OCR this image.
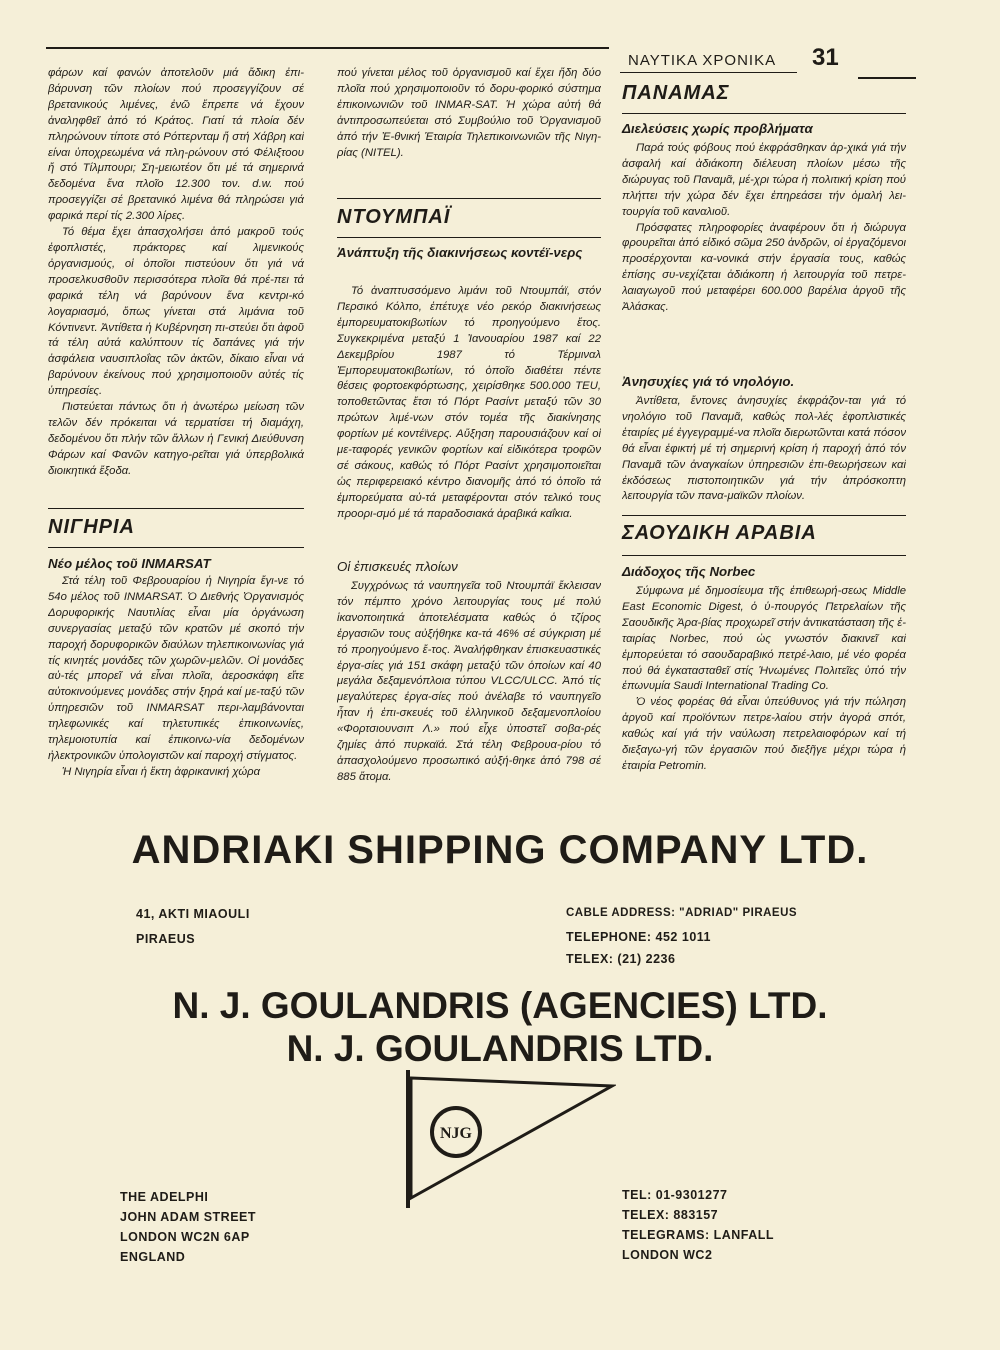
ΝΑΥΤΙΚΑ ΧΡΟΝΙΚΑ	31

φάρων καί φανών ἀποτελοῦν μιά ἄδικη ἐπι-βάρυνση τῶν πλοίων πού προσεγγίζουν σέ βρετανικούς λιμένες, ἐνῶ ἔπρεπε νά ἔχουν ἀναληφθεῖ ἀπό τό Κράτος. Γιατί τά πλοία δέν πληρώνουν τίποτε στό Ρόττερνταμ ἤ στή Χάβρη καί είναι ὑποχρεωμένα νά πλη-ρώνουν στό Φέλιξτοου ἤ στό Τίλμπουρι; Ση-μειωτέον ὅτι μέ τά σημερινά δεδομένα ἕνα πλοῖο 12.300 τον. d.w. πού προσεγγίζει σέ βρετανικό λιμένα θά πληρώσει γιά φαρικά περί τίς 2.300 λίρες.

Τό θέμα ἔχει ἀπασχολήσει ἀπό μακροῦ τούς ἐφοπλιστές, πράκτορες καί λιμενικούς ὀργανισμούς, οἱ ὁποῖοι πιστεύουν ὅτι γιά νά προσελκυσθοῦν περισσότερα πλοῖα θά πρέ-πει τά φαρικά τέλη νά βαρύνουν ἕνα κεντρι-κό λογαριασμό, ὅπως γίνεται στά λιμάνια τοῦ Κόντινεντ. Ἀντίθετα ἡ Κυβέρνηση πι-στεύει ὅτι ἀφοῦ τά τέλη αὐτά καλύπτουν τίς δαπάνες γιά τήν ἀσφάλεια ναυσιπλοΐας τῶν ἀκτῶν, δίκαιο εἶναι νά βαρύνουν ἐκείνους πού χρησιμοποιοῦν αὐτές τίς ὑπηρεσίες.

Πιστεύεται πάντως ὅτι ἡ ἀνωτέρω μείωση τῶν τελῶν δέν πρόκειται νά τερματίσει τή διαμάχη, δεδομένου ὅτι πλήν τῶν ἄλλων ἡ Γενική Διεύθυνση Φάρων καί Φανῶν κατηγο-ρεῖται γιά ὑπερβολικά διοικητικά ἔξοδα.

ΝΙΓΗΡΙΑ
Νέο μέλος τοῦ INMARSAT

Στά τέλη τοῦ Φεβρουαρίου ἡ Νιγηρία ἔγι-νε τό 54ο μέλος τοῦ INMARSAT. Ὁ Διεθνής Ὀργανισμός Δορυφορικής Ναυτιλίας εἶναι μία ὀργάνωση συνεργασίας μεταξύ τῶν κρατῶν μέ σκοπό τήν παροχή δορυφορικῶν διαύλων τηλεπικοινωνίας γιά τίς κινητές μονάδες τῶν χωρῶν-μελῶν. Οἱ μονάδες αὐ-τές μπορεῖ νά εἶναι πλοῖα, ἀεροσκάφη εἴτε αὐτοκινούμενες μονάδες στήν ξηρά καί με-ταξύ τῶν ὑπηρεσιῶν τοῦ INMARSAT περι-λαμβάνονται τηλεφωνικές καί τηλετυπικές ἐπικοινωνίες, τηλεμοιοτυπία καί ἐπικοινω-νία δεδομένων ἠλεκτρονικῶν ὑπολογιστῶν καί παροχή στίγματος.

Ἡ Νιγηρία εἶναι ἡ ἕκτη ἀφρικανική χώρα

πού γίνεται μέλος τοῦ ὀργανισμοῦ καί ἔχει ἤδη δύο πλοῖα πού χρησιμοποιοῦν τό δορυ-φορικό σύστημα ἐπικοινωνιῶν τοῦ INMAR-SAT. Ἡ χώρα αὐτή θά ἀντιπροσωπεύεται στό Συμβούλιο τοῦ Ὀργανισμοῦ ἀπό τήν Ἐ-θνική Ἑταιρία Τηλεπικοινωνιῶν τῆς Νιγη-ρίας (NITEL).

ΝΤΟΥΜΠΑΪ
Ἀνάπτυξη τῆς διακινήσεως κοντέϊ-νερς

Τό ἀναπτυσσόμενο λιμάνι τοῦ Ντουμπάϊ, στόν Περσικό Κόλπο, ἐπέτυχε νέο ρεκόρ διακινήσεως ἐμπορευματοκιβωτίων τό προηγούμενο ἔτος. Συγκεκριμένα μεταξύ 1 Ἰανουαρίου 1987 καί 22 Δεκεμβρίου 1987 τό Τέρμιναλ Ἐμπορευματοκιβωτίων, τό ὁποῖο διαθέτει πέντε θέσεις φορτοεκφόρτωσης, χειρίσθηκε 500.000 TEU, τοποθετῶντας ἔτσι τό Πόρτ Ρασίντ μεταξύ τῶν 30 πρώτων λιμέ-νων στόν τομέα τῆς διακίνησης φορτίων μέ κοντέϊνερς. Αὔξηση παρουσιάζουν καί οἱ με-ταφορές γενικῶν φορτίων καί εἰδικότερα τροφῶν σέ σάκους, καθώς τό Πόρτ Ρασίντ χρησιμοποιεῖται ὡς περιφερειακό κέντρο διανομῆς ἀπό τό ὁποῖο τά ἐμπορεύματα αὐ-τά μεταφέρονται στόν τελικό τους προορι-σμό μέ τά παραδοσιακά ἀραβικά καΐκια.

Οἱ ἐπισκευές πλοίων

Συγχρόνως τά ναυπηγεῖα τοῦ Ντουμπάϊ ἔκλεισαν τόν πέμπτο χρόνο λειτουργίας τους μέ πολύ ἱκανοποιητικά ἀποτελέσματα καθώς ὁ τζίρος ἐργασιῶν τους αὐξήθηκε κα-τά 46% σέ σύγκριση μέ τό προηγούμενο ἔ-τος. Ἀναλήφθηκαν ἐπισκευαστικές ἐργα-σίες γιά 151 σκάφη μεταξύ τῶν ὁποίων καί 40 μεγάλα δεξαμενόπλοια τύπου VLCC/ULCC. Ἀπό τίς μεγαλύτερες ἐργα-σίες πού ἀνέλαβε τό ναυπηγεῖο ἦταν ἡ ἐπι-σκευές τοῦ ἑλληνικοῦ δεξαμενοπλοίου «Φορτσιουνσιπ Λ.» πού εἶχε ὑποστεῖ σοβα-ρές ζημίες ἀπό πυρκαϊά. Στά τέλη Φεβρουα-ρίου τό ἀπασχολούμενο προσωπικό αὐξή-θηκε ἀπό 798 σέ 885 ἄτομα.

ΠΑΝΑΜΑΣ
Διελεύσεις χωρίς προβλήματα

Παρά τούς φόβους πού ἐκφράσθηκαν ἀρ-χικά γιά τήν ἀσφαλή καί ἀδιάκοπη διέλευση πλοίων μέσω τῆς διώρυγας τοῦ Παναμᾶ, μέ-χρι τώρα ἡ πολιτική κρίση πού πλήττει τήν χώρα δέν ἔχει ἐπηρεάσει τήν ὁμαλή λει-τουργία τοῦ καναλιοῦ.

Πρόσφατες πληροφορίες ἀναφέρουν ὅτι ἡ διώρυγα φρουρεῖται ἀπό εἰδικό σῶμα 250 ἀνδρῶν, οἱ ἐργαζόμενοι προσέρχονται κα-νονικά στήν ἐργασία τους, καθώς ἐπίσης συ-νεχίζεται ἀδιάκοπη ἡ λειτουργία τοῦ πετρε-λαιαγωγοῦ πού μεταφέρει 600.000 βαρέλια ἀργοῦ τῆς Ἀλάσκας.

Ἀνησυχίες γιά τό νηολόγιο.

Ἀντίθετα, ἔντονες ἀνησυχίες ἐκφράζον-ται γιά τό νηολόγιο τοῦ Παναμᾶ, καθώς πολ-λές ἐφοπλιστικές ἑταιρίες μέ ἐγγεγραμμέ-να πλοῖα διερωτῶνται κατά πόσον θά εἶναι ἐφικτή μέ τή σημερινή κρίση ἡ παροχή ἀπό τόν Παναμᾶ τῶν ἀναγκαίων ὑπηρεσιῶν ἐπι-θεωρήσεων καί ἐκδόσεως πιστοποιητικῶν γιά τήν ἀπρόσκοπτη λειτουργία τῶν πανα-μαϊκῶν πλοίων.

ΣΑΟΥΔΙΚΗ ΑΡΑΒΙΑ
Διάδοχος τῆς Norbec

Σύμφωνα μέ δημοσίευμα τῆς ἐπιθεωρή-σεως Middle East Economic Digest, ὁ ὑ-πουργός Πετρελαίων τῆς Σαουδικῆς Ἀρα-βίας προχωρεῖ στήν ἀντικατάσταση τῆς ἑ-ταιρίας Norbec, πού ὡς γνωστόν διακινεῖ καί ἐμπορεύεται τό σαουδαραβικό πετρέ-λαιο, μέ νέο φορέα πού θά ἐγκατασταθεῖ στίς Ἡνωμένες Πολιτεῖες ὑπό τήν ἐπωνυμία Saudi International Trading Co.

Ὁ νέος φορέας θά εἶναι ὑπεύθυνος γιά τήν πώληση ἀργοῦ καί προϊόντων πετρε-λαίου στήν ἀγορά σπότ, καθώς καί γιά τήν ναύλωση πετρελαιοφόρων καί τή διεξαγω-γή τῶν ἐργασιῶν πού διεξῆγε μέχρι τώρα ἡ ἑταιρία Petromin.

ANDRIAKI SHIPPING COMPANY LTD.
41, AKTI MIAOULI
PIRAEUS
CABLE ADDRESS: "ADRIAD" PIRAEUS
TELEPHONE: 452 1011
TELEX: (21) 2236
N. J. GOULANDRIS (AGENCIES) LTD.
N. J. GOULANDRIS LTD.
NJG
THE ADELPHI
JOHN ADAM STREET
LONDON WC2N 6AP
ENGLAND
TEL: 01-9301277
TELEX: 883157
TELEGRAMS: LANFALL
LONDON WC2
